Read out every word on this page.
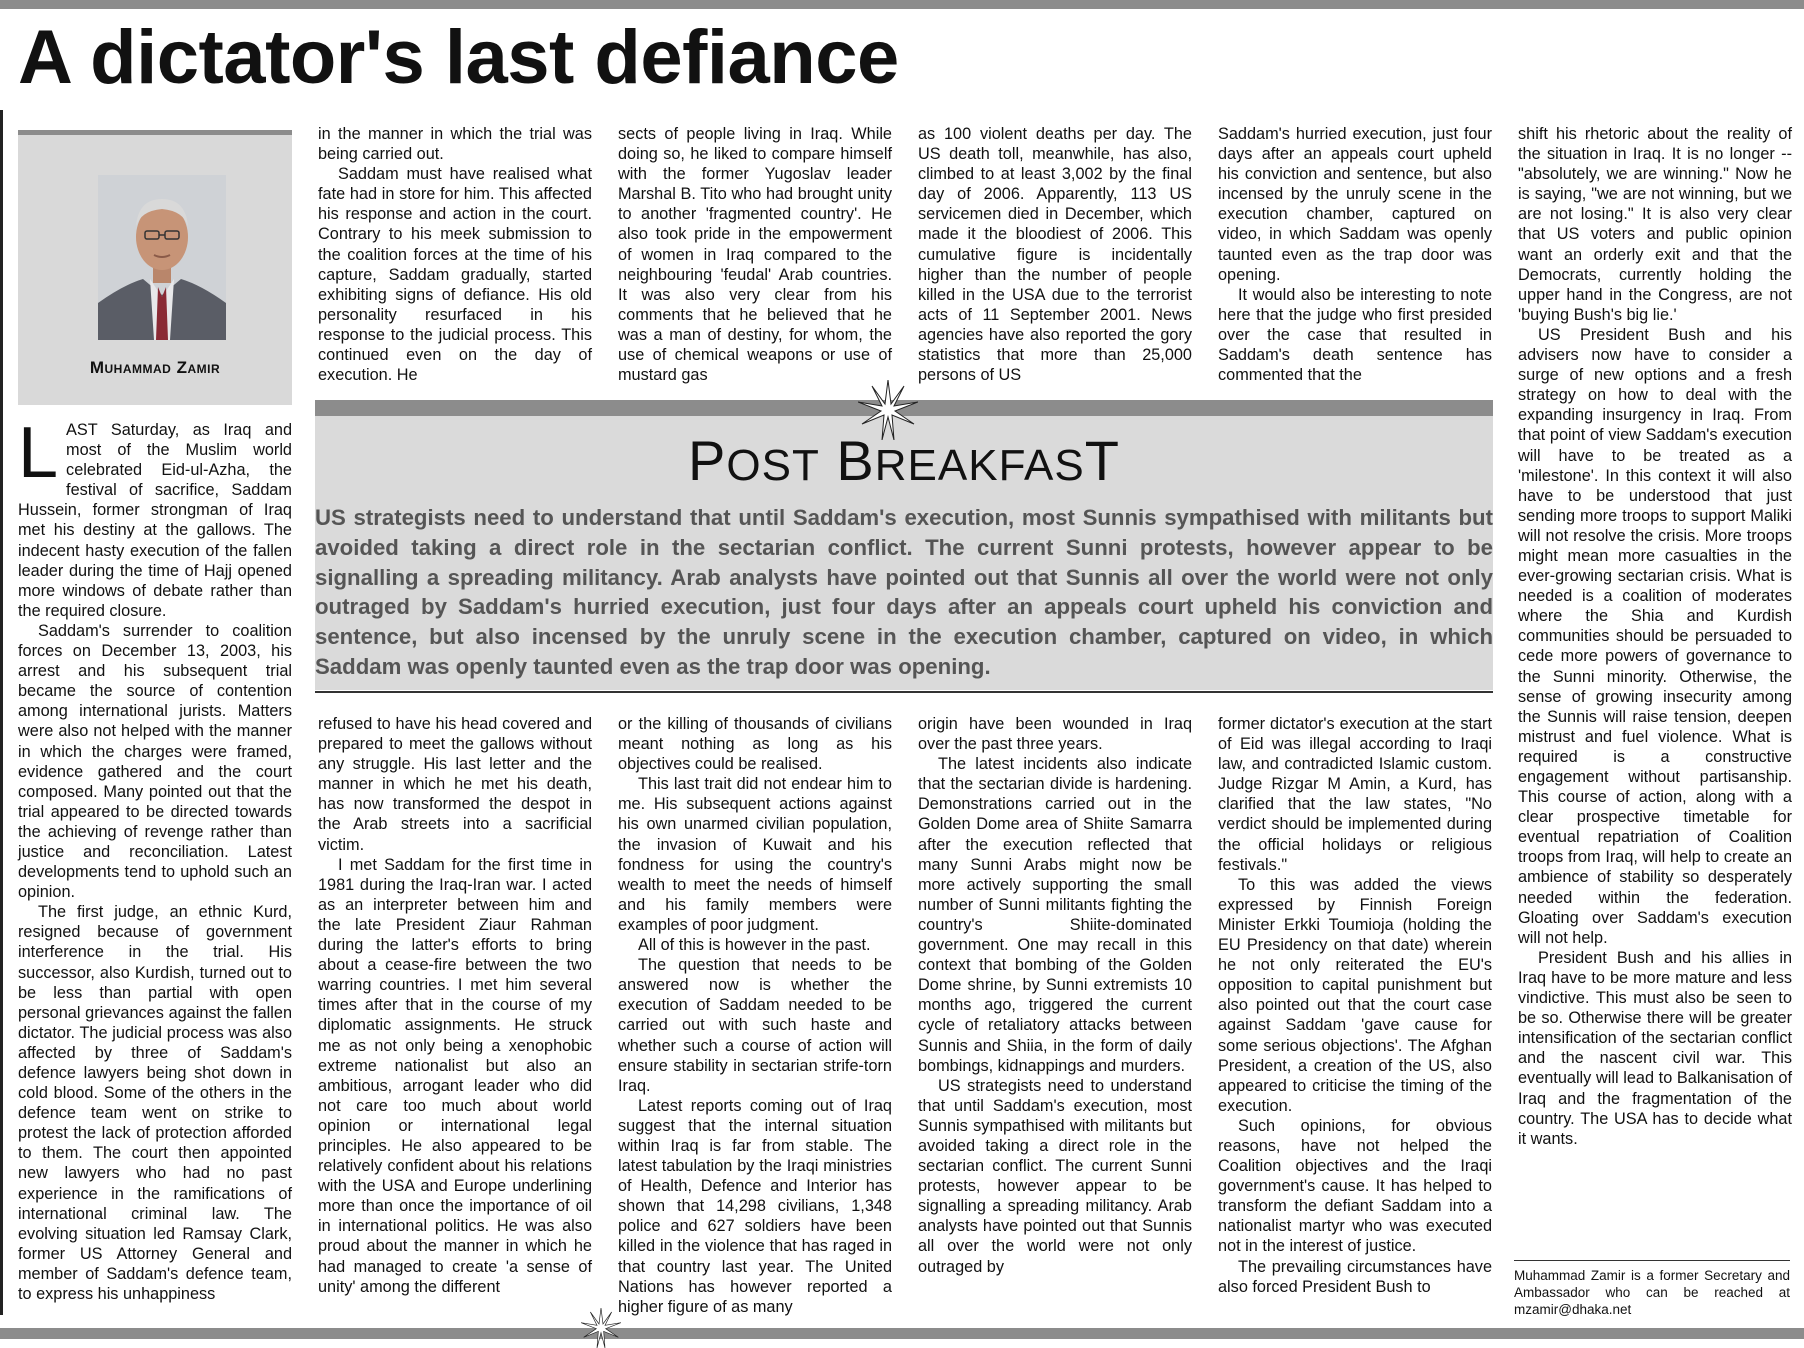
A dictator's last defiance
Muhammad Zamir

LAST Saturday, as Iraq and most of the Muslim world celebrated Eid-ul-Azha, the festival of sacrifice, Saddam Hussein, former strongman of Iraq met his destiny at the gallows. The indecent hasty execution of the fallen leader during the time of Hajj opened more windows of debate rather than the required closure.

Saddam's surrender to coalition forces on December 13, 2003, his arrest and his subsequent trial became the source of contention among international jurists. Matters were also not helped with the manner in which the charges were framed, evidence gathered and the court composed. Many pointed out that the trial appeared to be directed towards the achieving of revenge rather than justice and reconciliation. Latest developments tend to uphold such an opinion.

The first judge, an ethnic Kurd, resigned because of government interference in the trial. His successor, also Kurdish, turned out to be less than partial with open personal grievances against the fallen dictator. The judicial process was also affected by three of Saddam's defence lawyers being shot down in cold blood. Some of the others in the defence team went on strike to protest the lack of protection afforded to them. The court then appointed new lawyers who had no past experience in the ramifications of international criminal law. The evolving situation led Ramsay Clark, former US Attorney General and member of Saddam's defence team, to express his unhappiness

in the manner in which the trial was being carried out.

Saddam must have realised what fate had in store for him. This affected his response and action in the court. Contrary to his meek submission to the coalition forces at the time of his capture, Saddam gradually, started exhibiting signs of defiance. His old personality resurfaced in his response to the judicial process. This continued even on the day of execution. He

sects of people living in Iraq. While doing so, he liked to compare himself with the former Yugoslav leader Marshal B. Tito who had brought unity to another 'fragmented country'. He also took pride in the empowerment of women in Iraq compared to the neighbouring 'feudal' Arab countries. It was also very clear from his comments that he believed that he was a man of destiny, for whom, the use of chemical weapons or use of mustard gas

as 100 violent deaths per day. The US death toll, meanwhile, has also, climbed to at least 3,002 by the final day of 2006. Apparently, 113 US servicemen died in December, which made it the bloodiest of 2006. This cumulative figure is incidentally higher than the number of people killed in the USA due to the terrorist acts of 11 September 2001. News agencies have also reported the gory statistics that more than 25,000 persons of US

Saddam's hurried execution, just four days after an appeals court upheld his conviction and sentence, but also incensed by the unruly scene in the execution chamber, captured on video, in which Saddam was openly taunted even as the trap door was opening.

It would also be interesting to note here that the judge who first presided over the case that resulted in Saddam's death sentence has commented that the

POST BREAKFAST
US strategists need to understand that until Saddam's execution, most Sunnis sympathised with militants but avoided taking a direct role in the sectarian conflict. The current Sunni protests, however appear to be signalling a spreading militancy. Arab analysts have pointed out that Sunnis all over the world were not only outraged by Saddam's hurried execution, just four days after an appeals court upheld his conviction and sentence, but also incensed by the unruly scene in the execution chamber, captured on video, in which Saddam was openly taunted even as the trap door was opening.

refused to have his head covered and prepared to meet the gallows without any struggle. His last letter and the manner in which he met his death, has now transformed the despot in the Arab streets into a sacrificial victim.

I met Saddam for the first time in 1981 during the Iraq-Iran war. I acted as an interpreter between him and the late President Ziaur Rahman during the latter's efforts to bring about a cease-fire between the two warring countries. I met him several times after that in the course of my diplomatic assignments. He struck me as not only being a xenophobic extreme nationalist but also an ambitious, arrogant leader who did not care too much about world opinion or international legal principles. He also appeared to be relatively confident about his relations with the USA and Europe underlining more than once the importance of oil in international politics. He was also proud about the manner in which he had managed to create 'a sense of unity' among the different

or the killing of thousands of civilians meant nothing as long as his objectives could be realised.

This last trait did not endear him to me. His subsequent actions against his own unarmed civilian population, the invasion of Kuwait and his fondness for using the country's wealth to meet the needs of himself and his family members were examples of poor judgment.

All of this is however in the past.

The question that needs to be answered now is whether the execution of Saddam needed to be carried out with such haste and whether such a course of action will ensure stability in sectarian strife-torn Iraq.

Latest reports coming out of Iraq suggest that the internal situation within Iraq is far from stable. The latest tabulation by the Iraqi ministries of Health, Defence and Interior has shown that 14,298 civilians, 1,348 police and 627 soldiers have been killed in the violence that has raged in that country last year. The United Nations has however reported a higher figure of as many

origin have been wounded in Iraq over the past three years.

The latest incidents also indicate that the sectarian divide is hardening. Demonstrations carried out in the Golden Dome area of Shiite Samarra after the execution reflected that many Sunni Arabs might now be more actively supporting the small number of Sunni militants fighting the country's Shiite-dominated government. One may recall in this context that bombing of the Golden Dome shrine, by Sunni extremists 10 months ago, triggered the current cycle of retaliatory attacks between Sunnis and Shiia, in the form of daily bombings, kidnappings and murders.

US strategists need to understand that until Saddam's execution, most Sunnis sympathised with militants but avoided taking a direct role in the sectarian conflict. The current Sunni protests, however appear to be signalling a spreading militancy. Arab analysts have pointed out that Sunnis all over the world were not only outraged by

former dictator's execution at the start of Eid was illegal according to Iraqi law, and contradicted Islamic custom. Judge Rizgar M Amin, a Kurd, has clarified that the law states, "No verdict should be implemented during the official holidays or religious festivals."

To this was added the views expressed by Finnish Foreign Minister Erkki Toumioja (holding the EU Presidency on that date) wherein he not only reiterated the EU's opposition to capital punishment but also pointed out that the court case against Saddam 'gave cause for some serious objections'. The Afghan President, a creation of the US, also appeared to criticise the timing of the execution.

Such opinions, for obvious reasons, have not helped the Coalition objectives and the Iraqi government's cause. It has helped to transform the defiant Saddam into a nationalist martyr who was executed not in the interest of justice.

The prevailing circumstances have also forced President Bush to

shift his rhetoric about the reality of the situation in Iraq. It is no longer -- "absolutely, we are winning." Now he is saying, "we are not winning, but we are not losing." It is also very clear that US voters and public opinion want an orderly exit and that the Democrats, currently holding the upper hand in the Congress, are not 'buying Bush's big lie.'

US President Bush and his advisers now have to consider a surge of new options and a fresh strategy on how to deal with the expanding insurgency in Iraq. From that point of view Saddam's execution will have to be treated as a 'milestone'. In this context it will also have to be understood that just sending more troops to support Maliki will not resolve the crisis. More troops might mean more casualties in the ever-growing sectarian crisis. What is needed is a coalition of moderates where the Shia and Kurdish communities should be persuaded to cede more powers of governance to the Sunni minority. Otherwise, the sense of growing insecurity among the Sunnis will raise tension, deepen mistrust and fuel violence. What is required is a constructive engagement without partisanship. This course of action, along with a clear prospective timetable for eventual repatriation of Coalition troops from Iraq, will help to create an ambience of stability so desperately needed within the federation. Gloating over Saddam's execution will not help.

President Bush and his allies in Iraq have to be more mature and less vindictive. This must also be seen to be so. Otherwise there will be greater intensification of the sectarian conflict and the nascent civil war. This eventually will lead to Balkanisation of Iraq and the fragmentation of the country. The USA has to decide what it wants.

Muhammad Zamir is a former Secretary and Ambassador who can be reached at mzamir@dhaka.net
